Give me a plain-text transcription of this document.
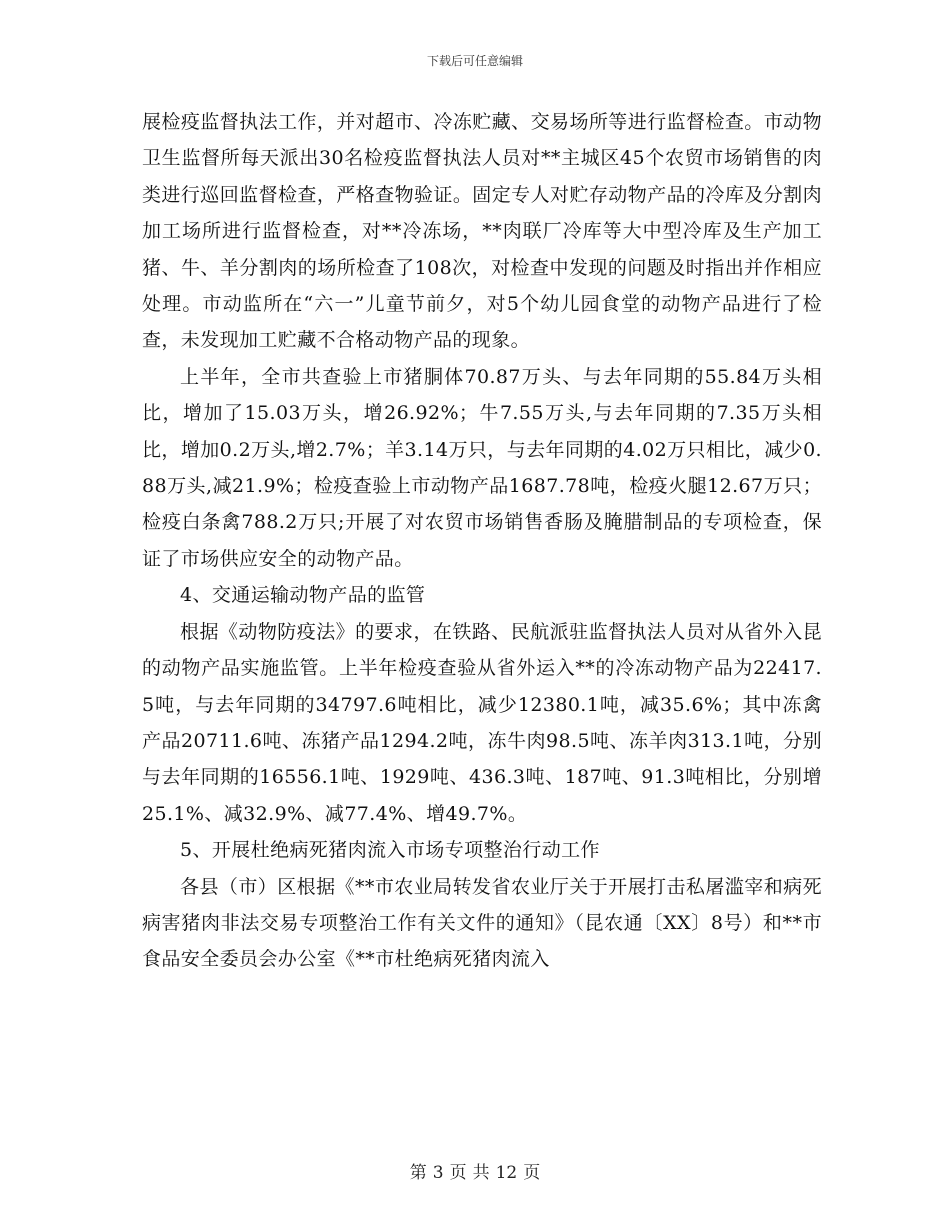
下载后可任意编辑

展检疫监督执法工作，并对超市、冷冻贮藏、交易场所等进行监督检查。市动物卫生监督所每天派出30名检疫监督执法人员对**主城区45个农贸市场销售的肉类进行巡回监督检查，严格查物验证。固定专人对贮存动物产品的冷库及分割肉加工场所进行监督检查，对**冷冻场，**肉联厂冷库等大中型冷库及生产加工猪、牛、羊分割肉的场所检查了108次，对检查中发现的问题及时指出并作相应处理。市动监所在“六一”儿童节前夕，对5个幼儿园食堂的动物产品进行了检查，未发现加工贮藏不合格动物产品的现象。

上半年，全市共查验上市猪胴体70.87万头、与去年同期的55.84万头相比，增加了15.03万头，增26.92%；牛7.55万头,与去年同期的7.35万头相比，增加0.2万头,增2.7%；羊3.14万只，与去年同期的4.02万只相比，减少0.88万头,减21.9%；检疫查验上市动物产品1687.78吨，检疫火腿12.67万只；检疫白条禽788.2万只;开展了对农贸市场销售香肠及腌腊制品的专项检查，保证了市场供应安全的动物产品。

4、交通运输动物产品的监管

根据《动物防疫法》的要求，在铁路、民航派驻监督执法人员对从省外入昆的动物产品实施监管。上半年检疫查验从省外运入**的冷冻动物产品为22417.5吨，与去年同期的34797.6吨相比，减少12380.1吨，减35.6%；其中冻禽产品20711.6吨、冻猪产品1294.2吨，冻牛肉98.5吨、冻羊肉313.1吨，分别与去年同期的16556.1吨、1929吨、436.3吨、187吨、91.3吨相比，分别增25.1%、减32.9%、减77.4%、增49.7%。

5、开展杜绝病死猪肉流入市场专项整治行动工作

各县（市）区根据《**市农业局转发省农业厅关于开展打击私屠滥宰和病死病害猪肉非法交易专项整治工作有关文件的通知》（昆农通〔XX〕8号）和**市食品安全委员会办公室《**市杜绝病死猪肉流入

第 3 页 共 12 页
